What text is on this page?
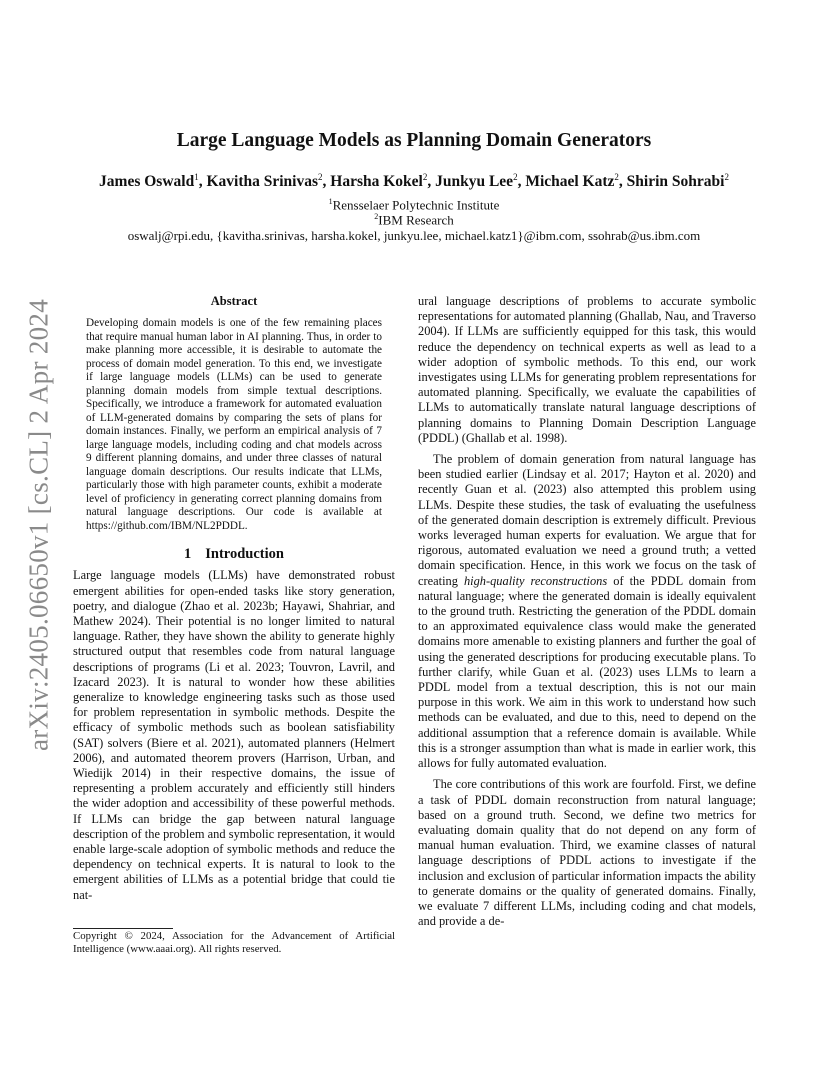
arXiv:2405.06650v1 [cs.CL] 2 Apr 2024
Large Language Models as Planning Domain Generators
James Oswald$^1$, Kavitha Srinivas$^2$, Harsha Kokel$^2$, Junkyu Lee$^2$, Michael Katz$^2$, Shirin Sohrabi$^2$
$^1$Rensselaer Polytechnic Institute
$^2$IBM Research
oswalj@rpi.edu, {kavitha.srinivas, harsha.kokel, junkyu.lee, michael.katz1}@ibm.com, ssohrab@us.ibm.com
Abstract

Developing domain models is one of the few remaining places that require manual human labor in AI planning. Thus, in order to make planning more accessible, it is desirable to automate the process of domain model generation. To this end, we investigate if large language models (LLMs) can be used to generate planning domain models from simple textual descriptions. Specifically, we introduce a framework for automated evaluation of LLM-generated domains by comparing the sets of plans for domain instances. Finally, we perform an empirical analysis of 7 large language models, including coding and chat models across 9 different planning domains, and under three classes of natural language domain descriptions. Our results indicate that LLMs, particularly those with high parameter counts, exhibit a moderate level of proficiency in generating correct planning domains from natural language descriptions. Our code is available at https://github.com/IBM/NL2PDDL.

1 Introduction

Large language models (LLMs) have demonstrated robust emergent abilities for open-ended tasks like story generation, poetry, and dialogue (Zhao et al. 2023b; Hayawi, Shahriar, and Mathew 2024). Their potential is no longer limited to natural language. Rather, they have shown the ability to generate highly structured output that resembles code from natural language descriptions of programs (Li et al. 2023; Touvron, Lavril, and Izacard 2023). It is natural to wonder how these abilities generalize to knowledge engineering tasks such as those used for problem representation in symbolic methods. Despite the efficacy of symbolic methods such as boolean satisfiability (SAT) solvers (Biere et al. 2021), automated planners (Helmert 2006), and automated theorem provers (Harrison, Urban, and Wiedijk 2014) in their respective domains, the issue of representing a problem accurately and efficiently still hinders the wider adoption and accessibility of these powerful methods. If LLMs can bridge the gap between natural language description of the problem and symbolic representation, it would enable large-scale adoption of symbolic methods and reduce the dependency on technical experts. It is natural to look to the emergent abilities of LLMs as a potential bridge that could tie nat-

Copyright © 2024, Association for the Advancement of Artificial Intelligence (www.aaai.org). All rights reserved.

ural language descriptions of problems to accurate symbolic representations for automated planning (Ghallab, Nau, and Traverso 2004). If LLMs are sufficiently equipped for this task, this would reduce the dependency on technical experts as well as lead to a wider adoption of symbolic methods. To this end, our work investigates using LLMs for generating problem representations for automated planning. Specifically, we evaluate the capabilities of LLMs to automatically translate natural language descriptions of planning domains to Planning Domain Description Language (PDDL) (Ghallab et al. 1998).

The problem of domain generation from natural language has been studied earlier (Lindsay et al. 2017; Hayton et al. 2020) and recently Guan et al. (2023) also attempted this problem using LLMs. Despite these studies, the task of evaluating the usefulness of the generated domain description is extremely difficult. Previous works leveraged human experts for evaluation. We argue that for rigorous, automated evaluation we need a ground truth; a vetted domain specification. Hence, in this work we focus on the task of creating high-quality reconstructions of the PDDL domain from natural language; where the generated domain is ideally equivalent to the ground truth. Restricting the generation of the PDDL domain to an approximated equivalence class would make the generated domains more amenable to existing planners and further the goal of using the generated descriptions for producing executable plans. To further clarify, while Guan et al. (2023) uses LLMs to learn a PDDL model from a textual description, this is not our main purpose in this work. We aim in this work to understand how such methods can be evaluated, and due to this, need to depend on the additional assumption that a reference domain is available. While this is a stronger assumption than what is made in earlier work, this allows for fully automated evaluation.

The core contributions of this work are fourfold. First, we define a task of PDDL domain reconstruction from natural language; based on a ground truth. Second, we define two metrics for evaluating domain quality that do not depend on any form of manual human evaluation. Third, we examine classes of natural language descriptions of PDDL actions to investigate if the inclusion and exclusion of particular information impacts the ability to generate domains or the quality of generated domains. Finally, we evaluate 7 different LLMs, including coding and chat models, and provide a de-
